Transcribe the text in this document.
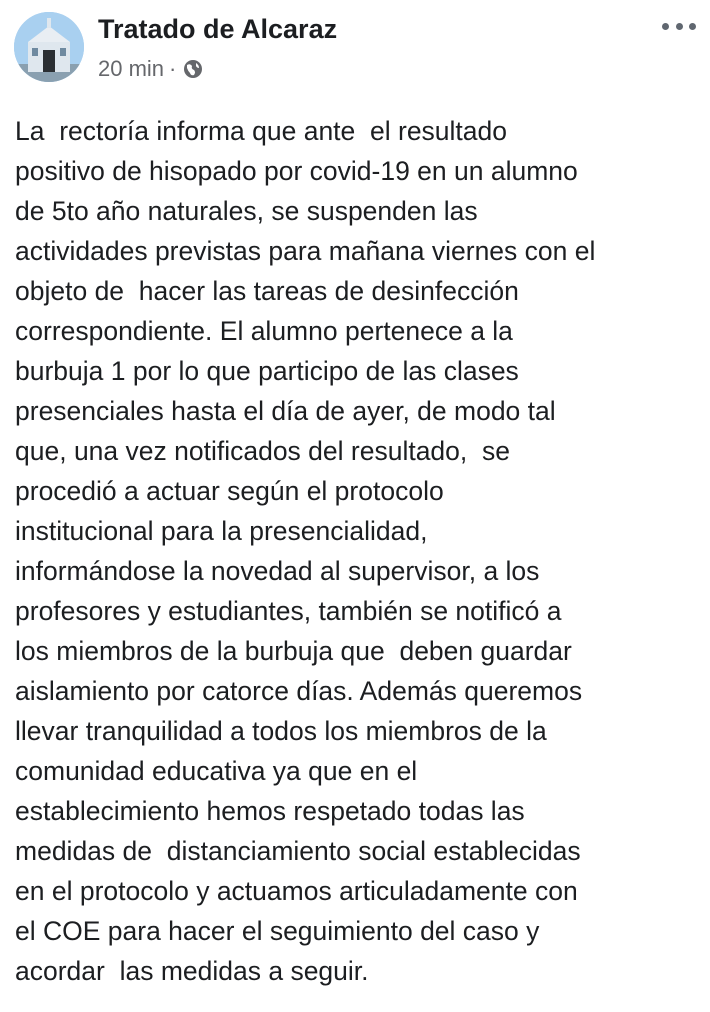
Tratado de Alcaraz
20 min ·

La  rectoría informa que ante  el resultado
positivo de hisopado por covid-19 en un alumno
de 5to año naturales, se suspenden las
actividades previstas para mañana viernes con el
objeto de  hacer las tareas de desinfección
correspondiente. El alumno pertenece a la
burbuja 1 por lo que participo de las clases
presenciales hasta el día de ayer, de modo tal
que, una vez notificados del resultado,  se
procedió a actuar según el protocolo
institucional para la presencialidad,
informándose la novedad al supervisor, a los
profesores y estudiantes, también se notificó a
los miembros de la burbuja que  deben guardar
aislamiento por catorce días. Además queremos
llevar tranquilidad a todos los miembros de la
comunidad educativa ya que en el
establecimiento hemos respetado todas las
medidas de  distanciamiento social establecidas
en el protocolo y actuamos articuladamente con
el COE para hacer el seguimiento del caso y
acordar  las medidas a seguir.
